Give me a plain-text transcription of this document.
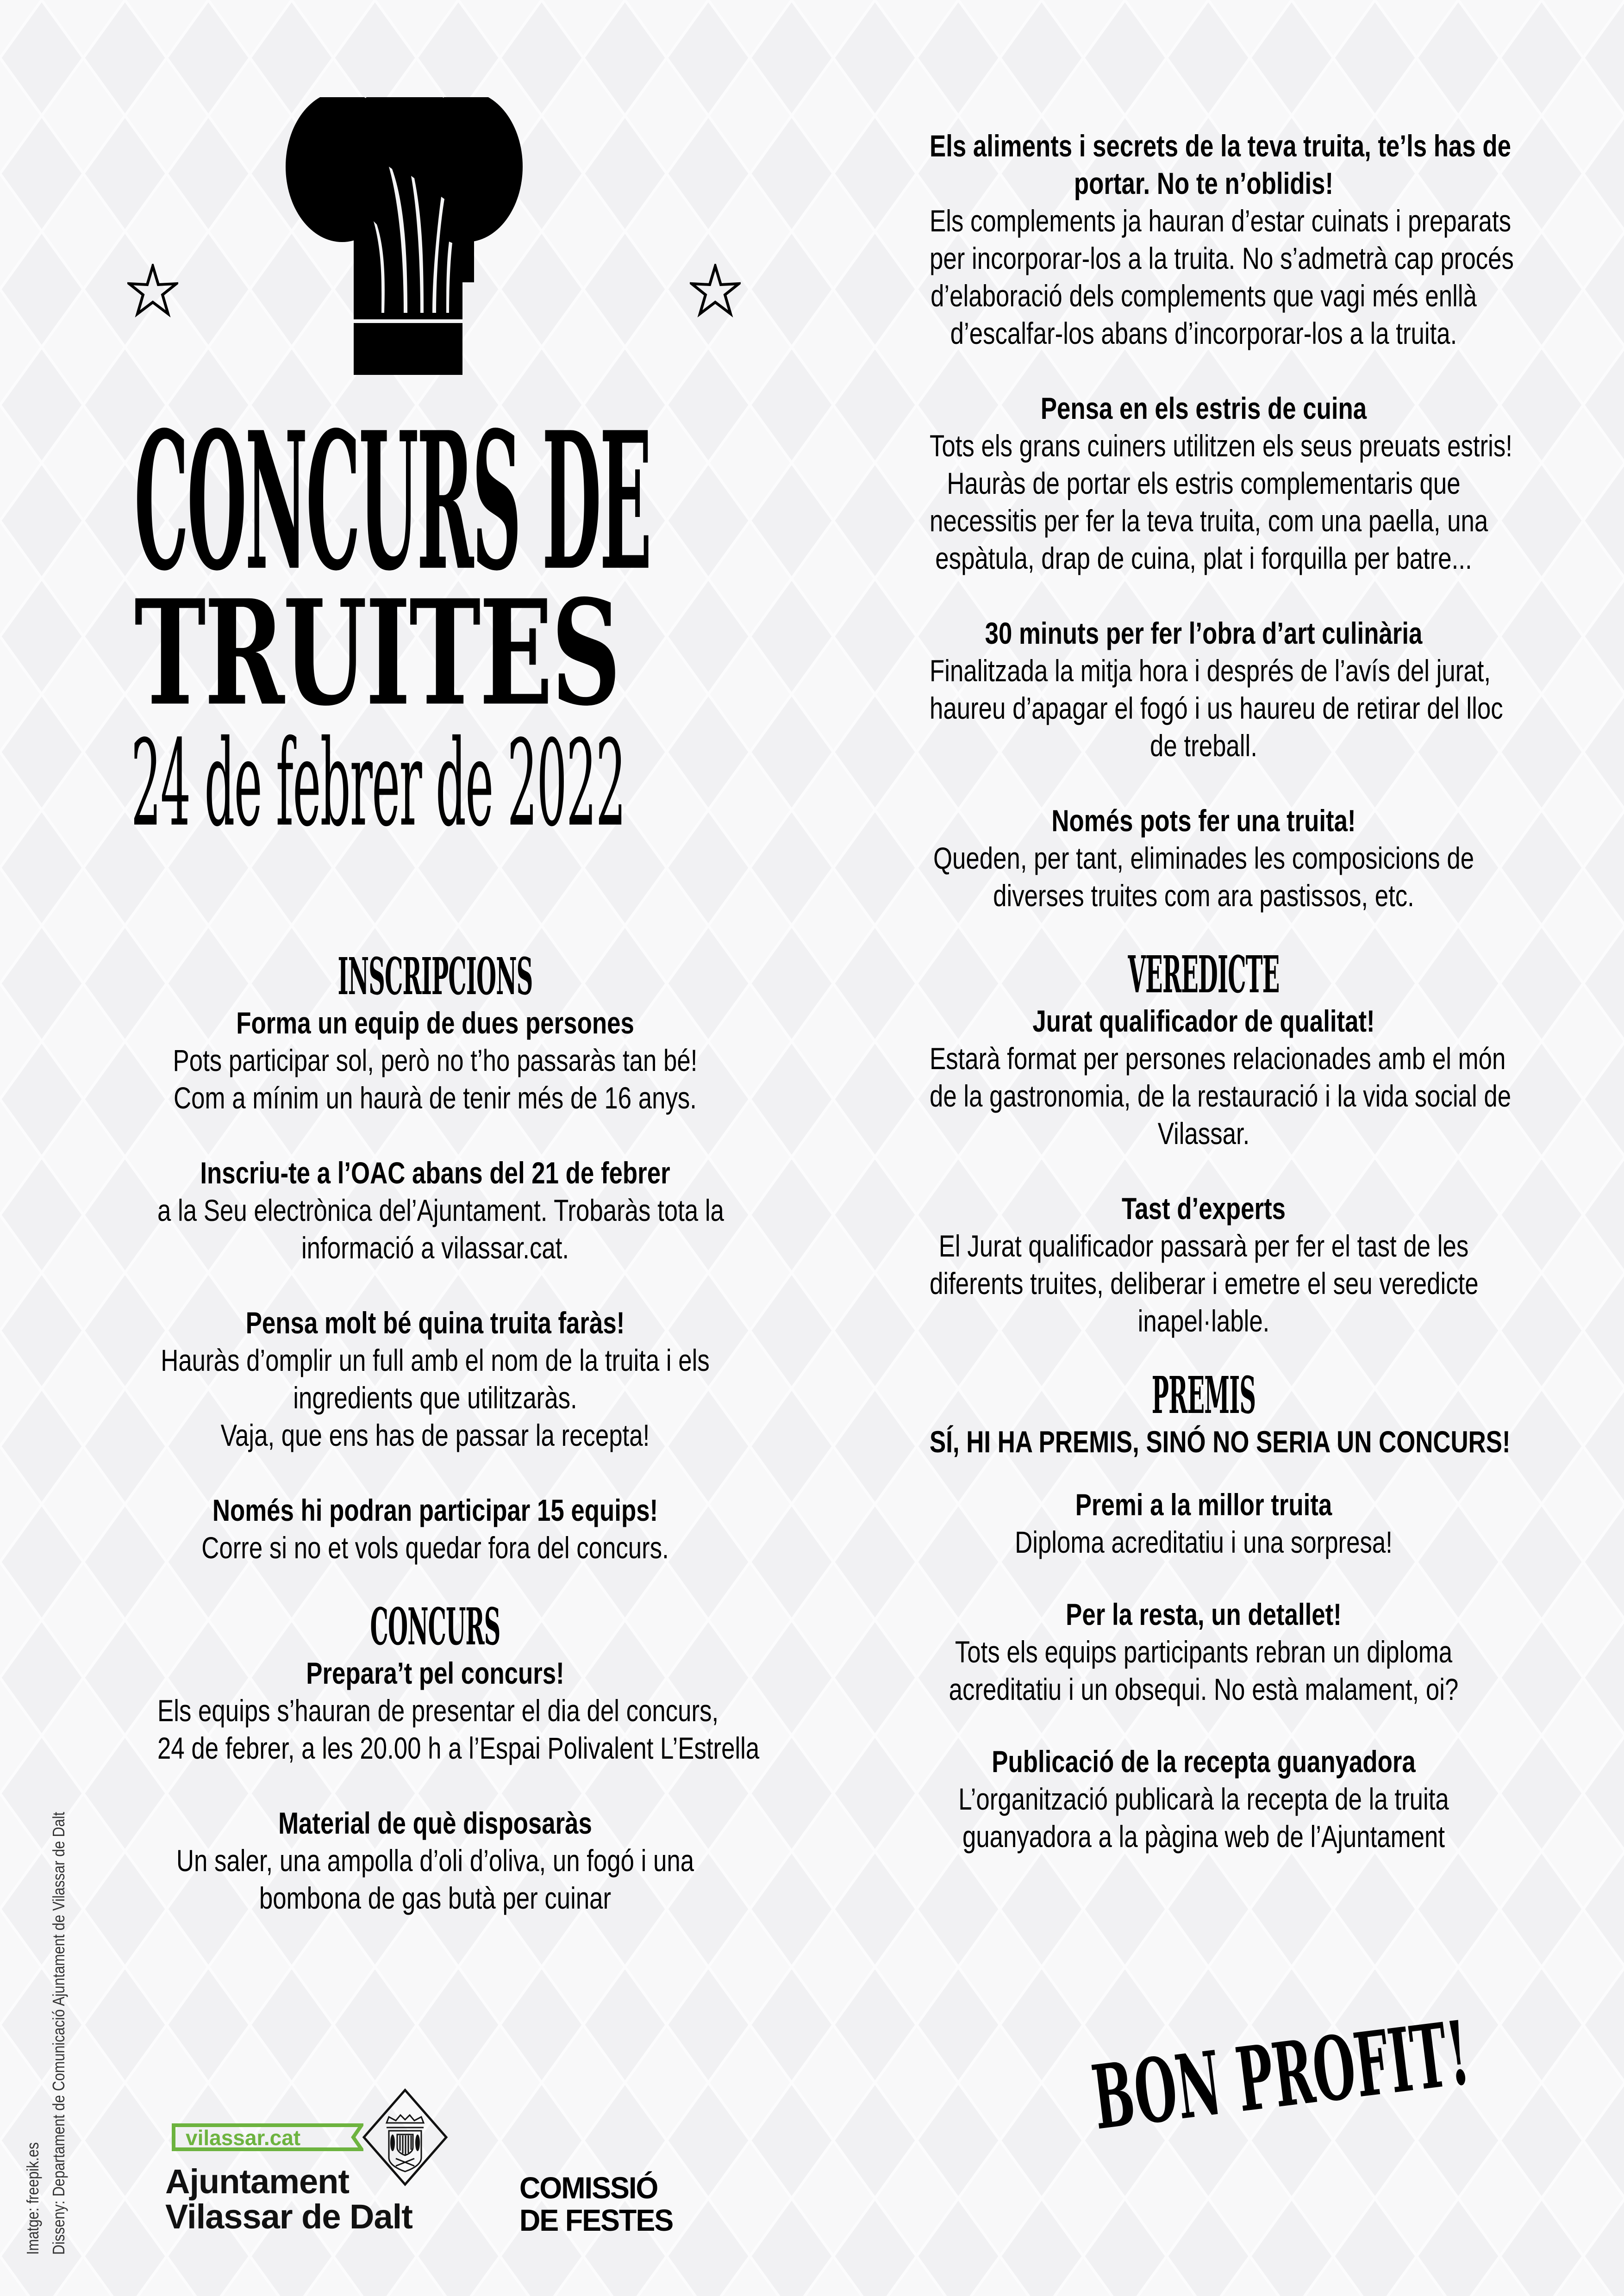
CONCURS DE
TRUITES
24 de febrer de 2022
INSCRIPCIONS
Forma un equip de dues persones
Pots participar sol, però no t’ho passaràs tan bé!
Com a mínim un haurà de tenir més de 16 anys.
Inscriu-te a l’OAC abans del 21 de febrer
a la Seu electrònica del’Ajuntament. Trobaràs tota la
informació a vilassar.cat.
Pensa molt bé quina truita faràs!
Hauràs d’omplir un full amb el nom de la truita i els
ingredients que utilitzaràs.
Vaja, que ens has de passar la recepta!
Només hi podran participar 15 equips!
Corre si no et vols quedar fora del concurs.
CONCURS
Prepara’t pel concurs!
Els equips s’hauran de presentar el dia del concurs,
24 de febrer, a les 20.00 h a l’Espai Polivalent L’Estrella
Material de què disposaràs
Un saler, una ampolla d’oli d’oliva, un fogó i una
bombona de gas butà per cuinar
Els aliments i secrets de la teva truita, te’ls has de
portar. No te n’oblidis!
Els complements ja hauran d’estar cuinats i preparats
per incorporar-los a la truita. No s’admetrà cap procés
d’elaboració dels complements que vagi més enllà
d’escalfar-los abans d’incorporar-los a la truita.
Pensa en els estris de cuina
Tots els grans cuiners utilitzen els seus preuats estris!
Hauràs de portar els estris complementaris que
necessitis per fer la teva truita, com una paella, una
espàtula, drap de cuina, plat i forquilla per batre...
30 minuts per fer l’obra d’art culinària
Finalitzada la mitja hora i després de l’avís del jurat,
haureu d’apagar el fogó i us haureu de retirar del lloc
de treball.
Només pots fer una truita!
Queden, per tant, eliminades les composicions de
diverses truites com ara pastissos, etc.
VEREDICTE
Jurat qualificador de qualitat!
Estarà format per persones relacionades amb el món
de la gastronomia, de la restauració i la vida social de
Vilassar.
Tast d’experts
El Jurat qualificador passarà per fer el tast de les
diferents truites, deliberar i emetre el seu veredicte
inapel·lable.
PREMIS
SÍ, HI HA PREMIS, SINÓ NO SERIA UN CONCURS!
Premi a la millor truita
Diploma acreditatiu i una sorpresa!
Per la resta, un detallet!
Tots els equips participants rebran un diploma
acreditatiu i un obsequi. No està malament, oi?
Publicació de la recepta guanyadora
L’organització publicarà la recepta de la truita
guanyadora a la pàgina web de l’Ajuntament
BON PROFIT!
Imatge: freepik.es Disseny: Departament de Comunicació Ajuntament de Vilassar de Dalt	vilassar.cat
Ajuntament
Vilassar de Dalt
COMISSIÓ
DE FESTES
